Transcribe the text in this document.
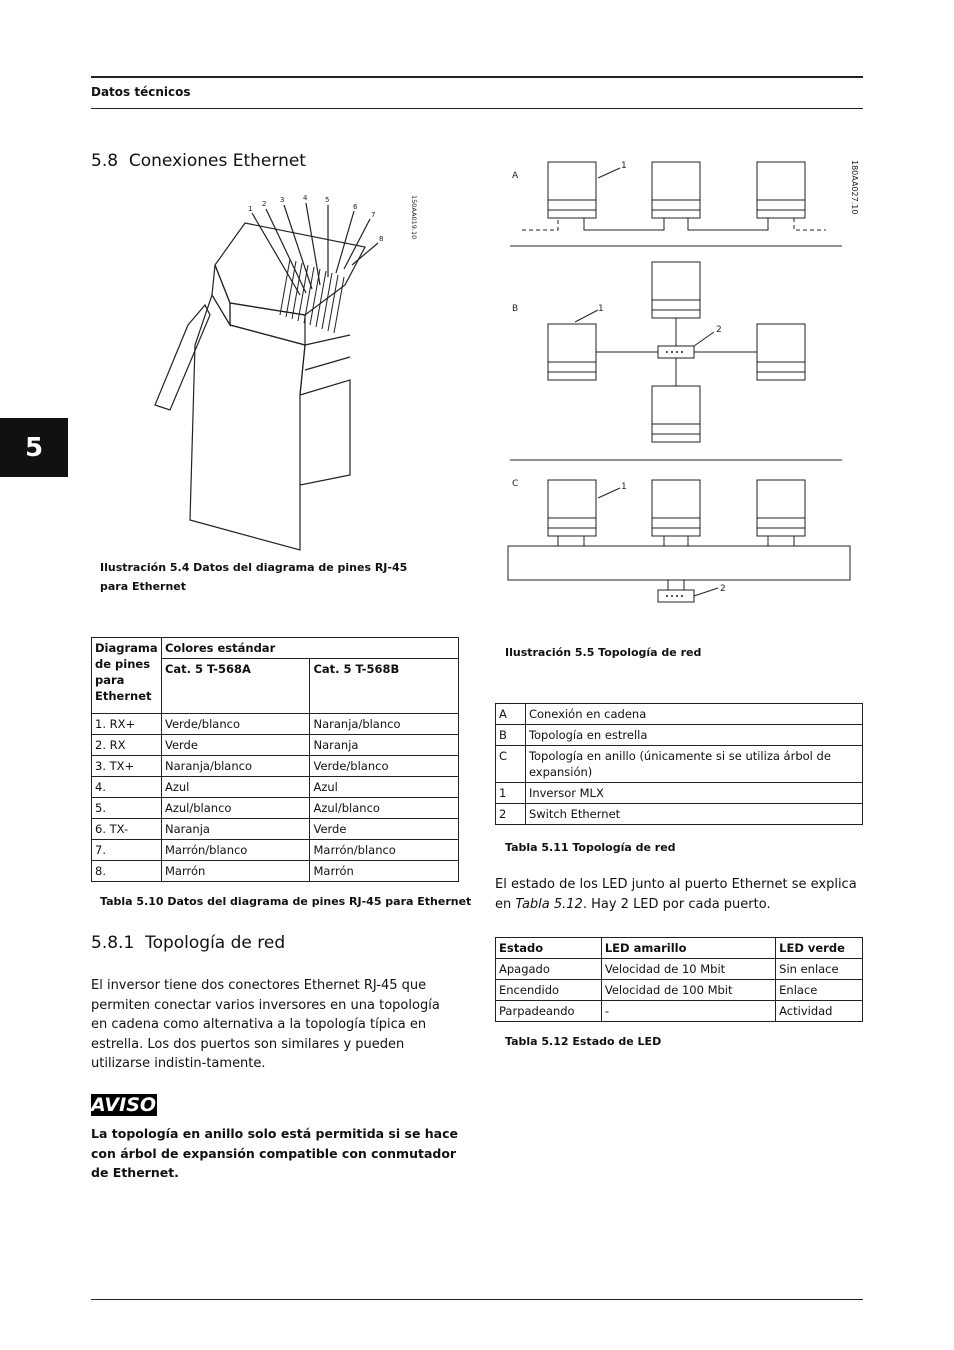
Datos técnicos
5
5.8 Conexiones Ethernet
1
2 3	4	5
6
7
8	150AA019.10
Ilustración 5.4 Datos del diagrama de pines RJ-45 para Ethernet
A
1
B	1
2
C	1
2
180AA027.10
Ilustración 5.5 Topología de red
Diagrama de pines para Ethernet	Colores estándar	
	Cat. 5 T-568A	Cat. 5 T-568B
1. RX+	Verde/blanco	Naranja/blanco
2. RX	Verde	Naranja
3. TX+	Naranja/blanco	Verde/blanco
4.	Azul	Azul
5.	Azul/blanco	Azul/blanco
6. TX-	Naranja	Verde
7.	Marrón/blanco	Marrón/blanco
8.	Marrón	Marrón
Tabla 5.10 Datos del diagrama de pines RJ-45 para Ethernet
5.8.1 Topología de red
El inversor tiene dos conectores Ethernet RJ-45 que permiten conectar varios inversores en una topología en cadena como alternativa a la topología típica en estrella. Los dos puertos son similares y pueden utilizarse indistin-tamente.
AVISO!
La topología en anillo solo está permitida si se hace con árbol de expansión compatible con conmutador de Ethernet.
A	Conexión en cadena
B	Topología en estrella
C	Topología en anillo (únicamente si se utiliza árbol de expansión)
1	Inversor MLX
2	Switch Ethernet
Tabla 5.11 Topología de red
El estado de los LED junto al puerto Ethernet se explica en Tabla 5.12. Hay 2 LED por cada puerto.
Estado	LED amarillo	LED verde
Apagado	Velocidad de 10 Mbit	Sin enlace
Encendido	Velocidad de 100 Mbit	Enlace
Parpadeando	-	Actividad
Tabla 5.12 Estado de LED
